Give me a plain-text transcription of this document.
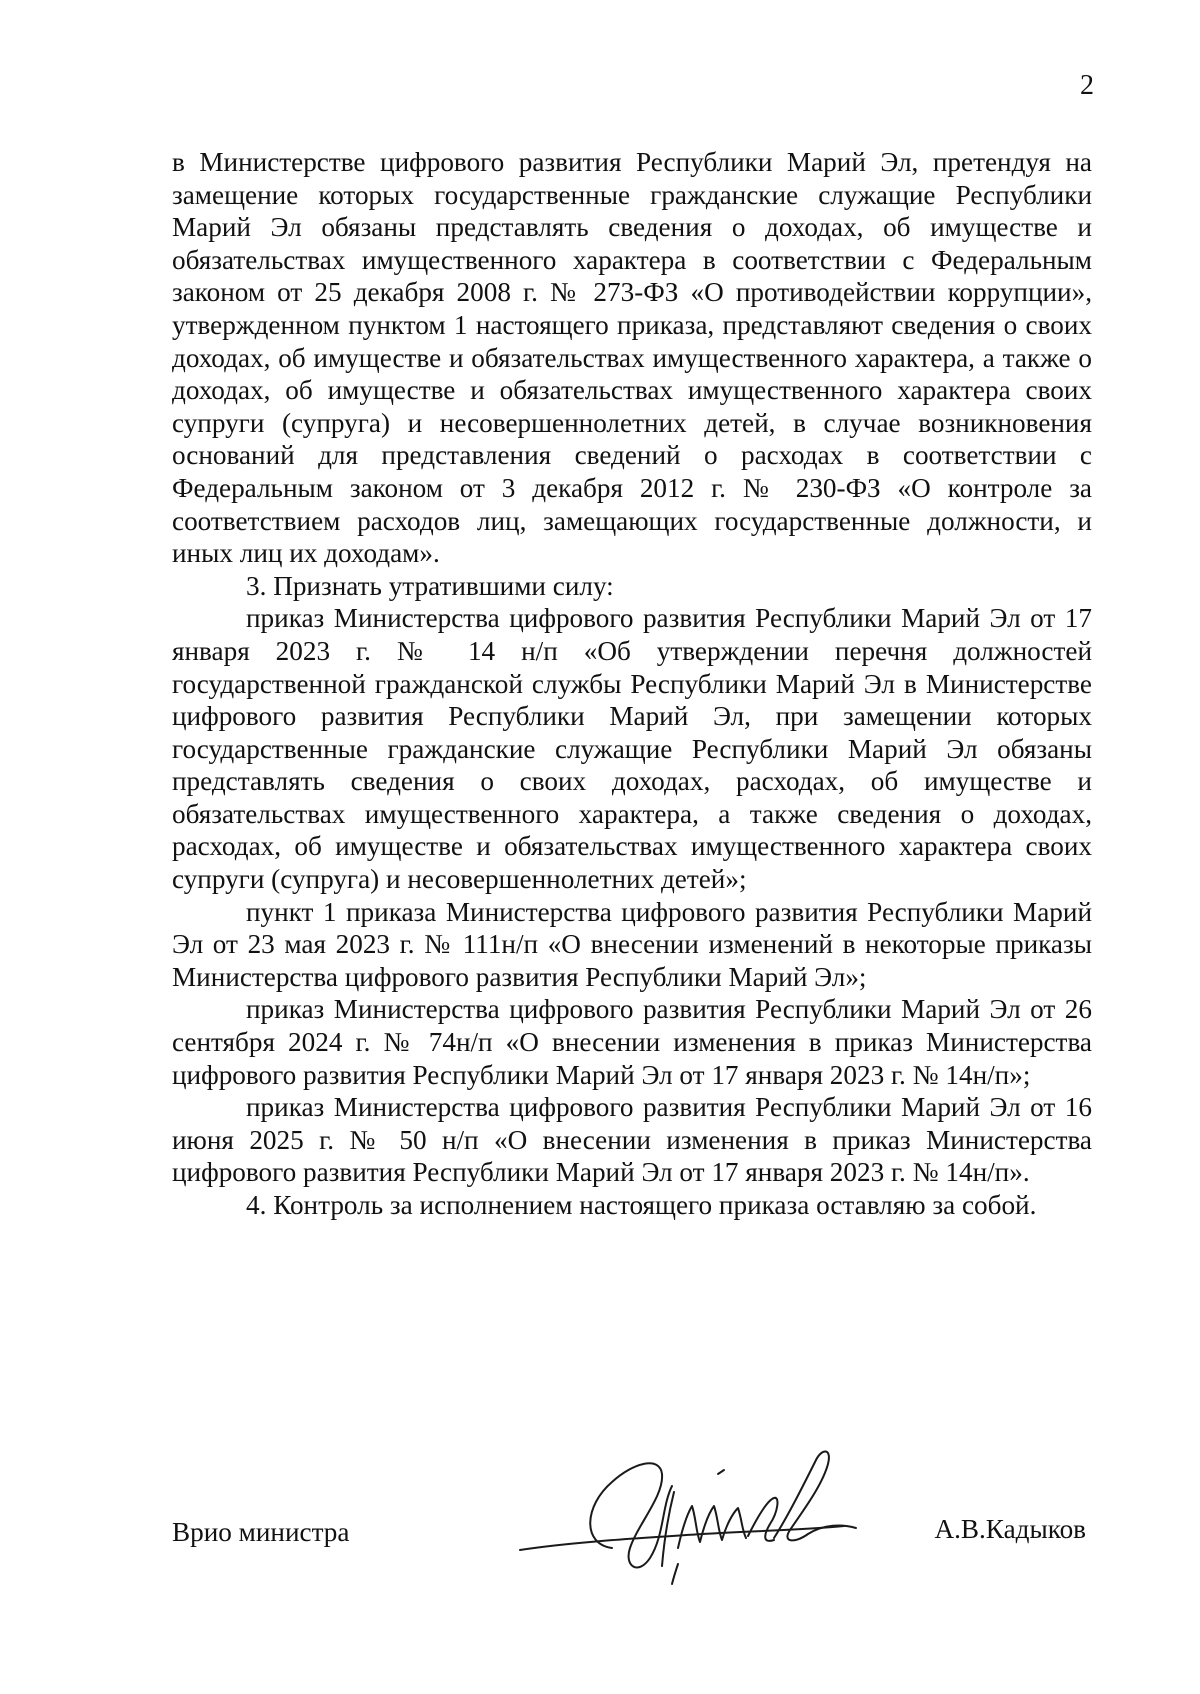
2

в Министерстве цифрового развития Республики Марий Эл, претендуя на замещение которых государственные гражданские служащие Республики Марий Эл обязаны представлять сведения о доходах, об имуществе и обязательствах имущественного характера в соответствии с Федеральным законом от 25 декабря 2008 г. № 273-ФЗ «О противодействии коррупции», утвержденном пунктом 1 настоящего приказа, представляют сведения о своих доходах, об имуществе и обязательствах имущественного характера, а также о доходах, об имуществе и обязательствах имущественного характера своих супруги (супруга) и несовершеннолетних детей, в случае возникновения оснований для представления сведений о расходах в соответствии с Федеральным законом от 3 декабря 2012 г. № 230-ФЗ «О контроле за соответствием расходов лиц, замещающих государственные должности, и иных лиц их доходам».

3. Признать утратившими силу:

приказ Министерства цифрового развития Республики Марий Эл от 17 января 2023 г. № 14 н/п «Об утверждении перечня должностей государственной гражданской службы Республики Марий Эл в Министерстве цифрового развития Республики Марий Эл, при замещении которых государственные гражданские служащие Республики Марий Эл обязаны представлять сведения о своих доходах, расходах, об имуществе и обязательствах имущественного характера, а также сведения о доходах, расходах, об имуществе и обязательствах имущественного характера своих супруги (супруга) и несовершеннолетних детей»;

пункт 1 приказа Министерства цифрового развития Республики Марий Эл от 23 мая 2023 г. № 111н/п «О внесении изменений в некоторые приказы Министерства цифрового развития Республики Марий Эл»;

приказ Министерства цифрового развития Республики Марий Эл от 26 сентября 2024 г. № 74н/п «О внесении изменения в приказ Министерства цифрового развития Республики Марий Эл от 17 января 2023 г. № 14н/п»;

приказ Министерства цифрового развития Республики Марий Эл от 16 июня 2025 г. № 50 н/п «О внесении изменения в приказ Министерства цифрового развития Республики Марий Эл от 17 января 2023 г. № 14н/п».

4. Контроль за исполнением настоящего приказа оставляю за собой.

Врио министра	А.В.Кадыков
